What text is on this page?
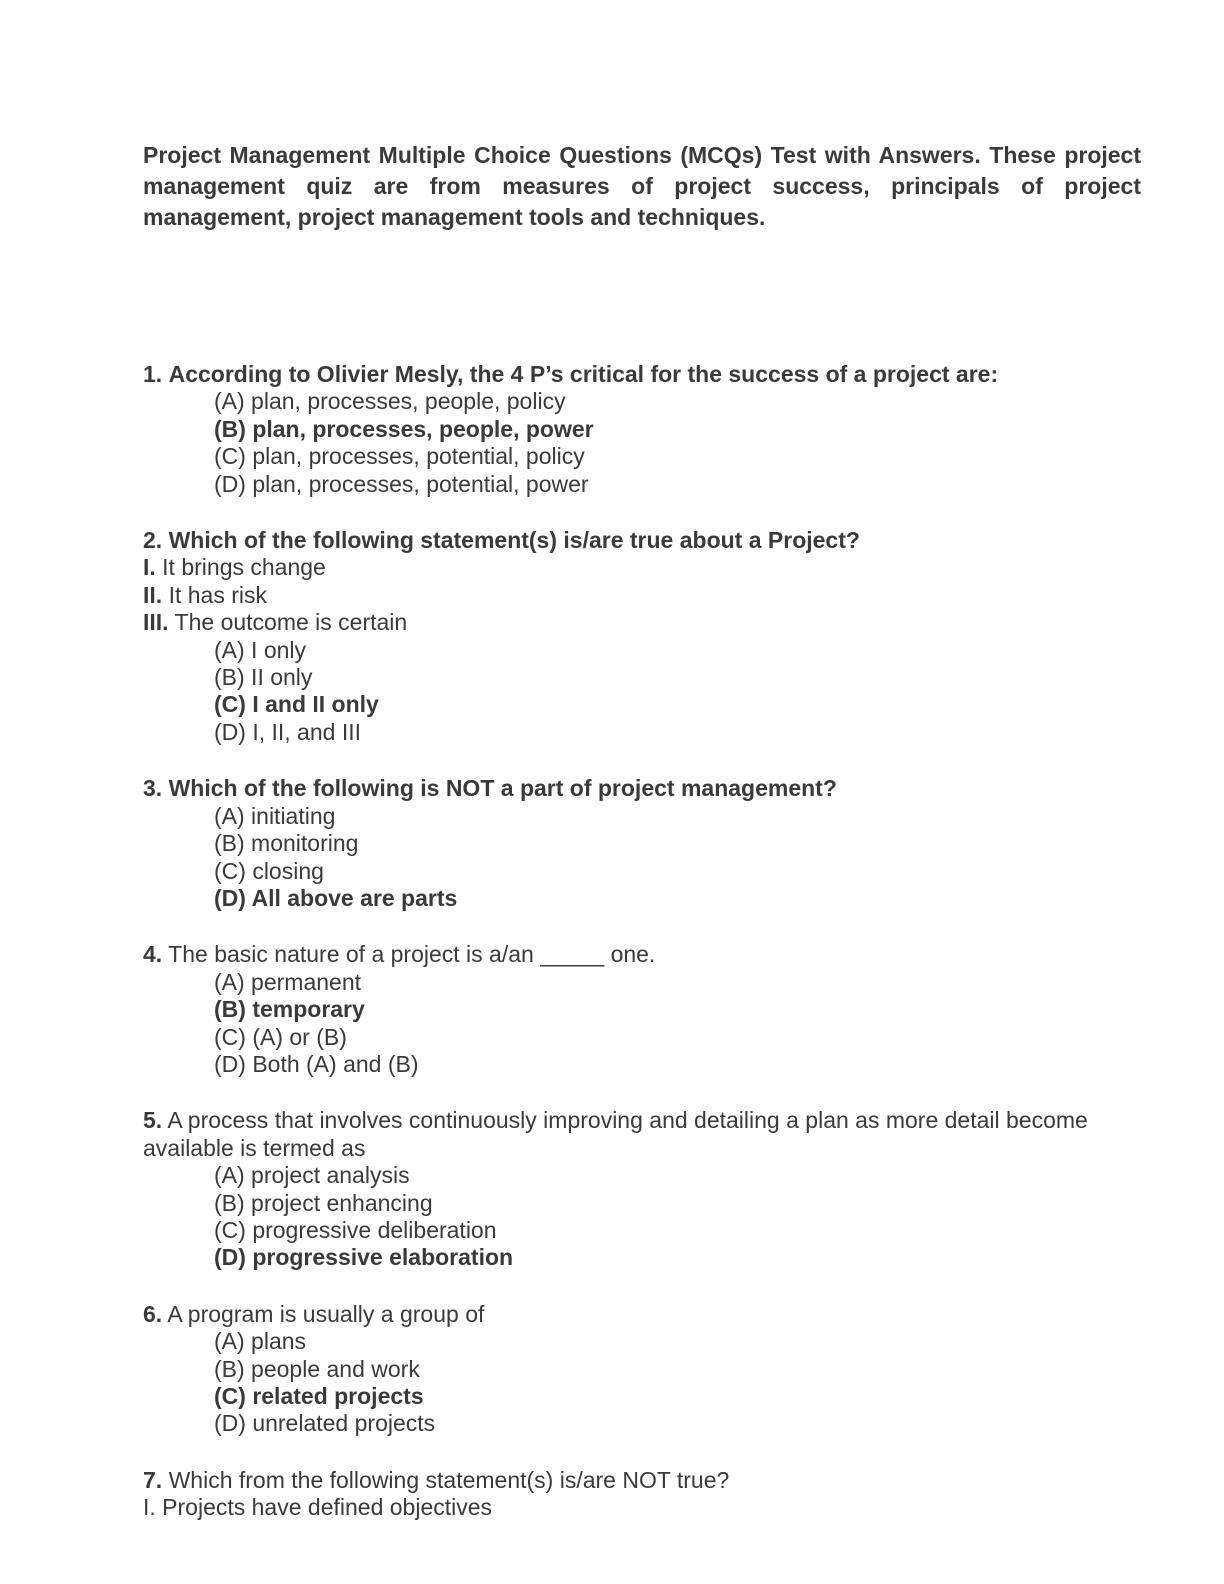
Project Management Multiple Choice Questions (MCQs) Test with Answers. These project management quiz are from measures of project success, principals of project management, project management tools and techniques.

1. According to Olivier Mesly, the 4 P’s critical for the success of a project are:
(A) plan, processes, people, policy
(B) plan, processes, people, power
(C) plan, processes, potential, policy
(D) plan, processes, potential, power
2. Which of the following statement(s) is/are true about a Project?
I. It brings change
II. It has risk
III. The outcome is certain
(A) I only
(B) II only
(C) I and II only
(D) I, II, and III
3. Which of the following is NOT a part of project management?
(A) initiating
(B) monitoring
(C) closing
(D) All above are parts
4. The basic nature of a project is a/an _____ one.
(A) permanent
(B) temporary
(C) (A) or (B)
(D) Both (A) and (B)
5. A process that involves continuously improving and detailing a plan as more detail become available is termed as
(A) project analysis
(B) project enhancing
(C) progressive deliberation
(D) progressive elaboration
6. A program is usually a group of
(A) plans
(B) people and work
(C) related projects
(D) unrelated projects
7. Which from the following statement(s) is/are NOT true?
I. Projects have defined objectives
